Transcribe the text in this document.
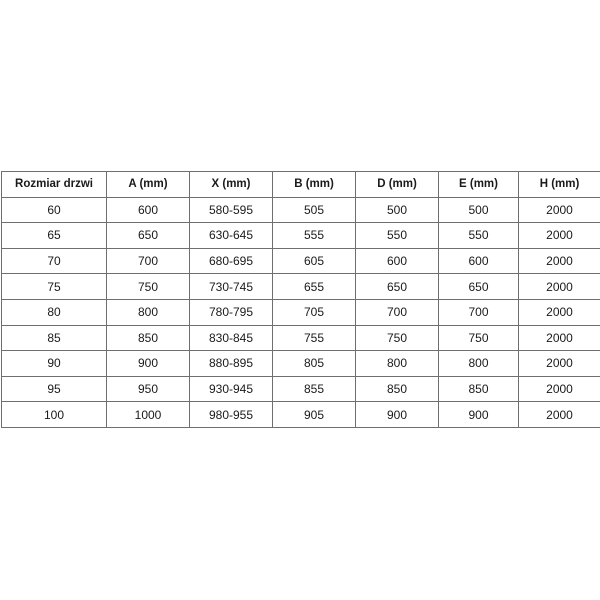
Rozmiar drzwi	A (mm)	X (mm)	B (mm)	D (mm)	E (mm)	H (mm)
60	600	580-595	505	500	500	2000
65	650	630-645	555	550	550	2000
70	700	680-695	605	600	600	2000
75	750	730-745	655	650	650	2000
80	800	780-795	705	700	700	2000
85	850	830-845	755	750	750	2000
90	900	880-895	805	800	800	2000
95	950	930-945	855	850	850	2000
100	1000	980-955	905	900	900	2000
